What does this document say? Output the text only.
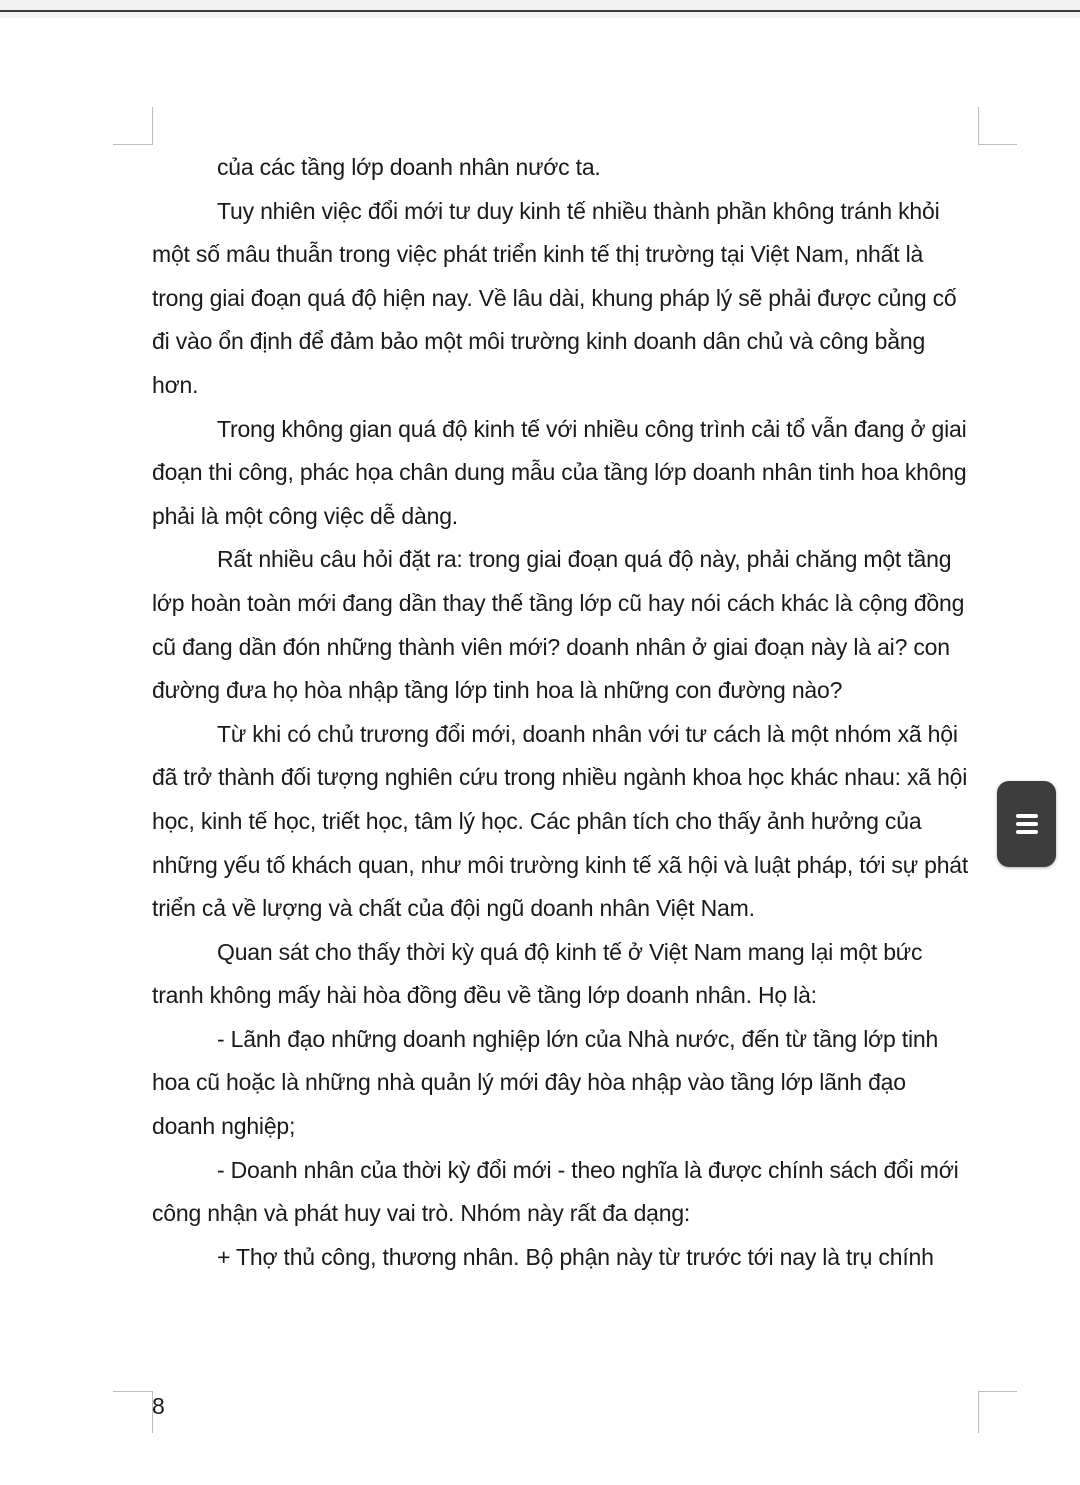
của các tầng lớp doanh nhân nước ta.

Tuy nhiên việc đổi mới tư duy kinh tế nhiều thành phần không tránh khỏi một số mâu thuẫn trong việc phát triển kinh tế thị trường tại Việt Nam, nhất là trong giai đoạn quá độ hiện nay. Về lâu dài, khung pháp lý sẽ phải được củng cố đi vào ổn định để đảm bảo một môi trường kinh doanh dân chủ và công bằng hơn.

Trong không gian quá độ kinh tế với nhiều công trình cải tổ vẫn đang ở giai đoạn thi công, phác họa chân dung mẫu của tầng lớp doanh nhân tinh hoa không phải là một công việc dễ dàng.

Rất nhiều câu hỏi đặt ra: trong giai đoạn quá độ này, phải chăng một tầng lớp hoàn toàn mới đang dần thay thế tầng lớp cũ hay nói cách khác là cộng đồng cũ đang dần đón những thành viên mới? doanh nhân ở giai đoạn này là ai? con đường đưa họ hòa nhập tầng lớp tinh hoa là những con đường nào?

Từ khi có chủ trương đổi mới, doanh nhân với tư cách là một nhóm xã hội đã trở thành đối tượng nghiên cứu trong nhiều ngành khoa học khác nhau: xã hội học, kinh tế học, triết học, tâm lý học. Các phân tích cho thấy ảnh hưởng của những yếu tố khách quan, như môi trường kinh tế xã hội và luật pháp, tới sự phát triển cả về lượng và chất của đội ngũ doanh nhân Việt Nam.

Quan sát cho thấy thời kỳ quá độ kinh tế ở Việt Nam mang lại một bức tranh không mấy hài hòa đồng đều về tầng lớp doanh nhân. Họ là:

- Lãnh đạo những doanh nghiệp lớn của Nhà nước, đến từ tầng lớp tinh hoa cũ hoặc là những nhà quản lý mới đây hòa nhập vào tầng lớp lãnh đạo doanh nghiệp;

- Doanh nhân của thời kỳ đổi mới - theo nghĩa là được chính sách đổi mới công nhận và phát huy vai trò. Nhóm này rất đa dạng:

+ Thợ thủ công, thương nhân. Bộ phận này từ trước tới nay là trụ chính

8
